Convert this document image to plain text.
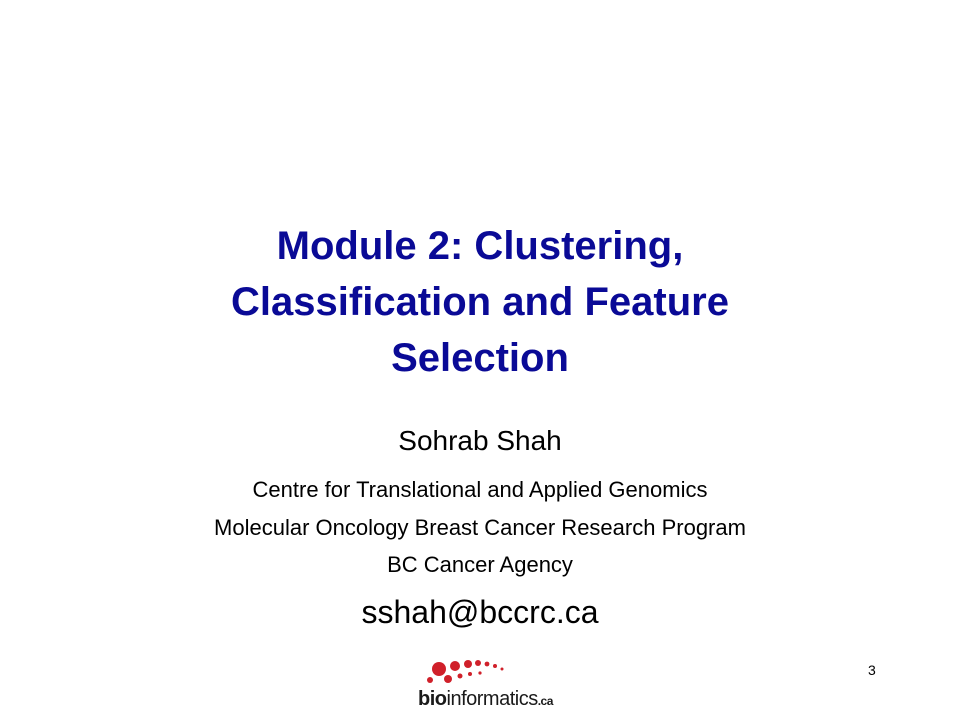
Module 2: Clustering,
Classification and Feature
Selection
Sohrab Shah
Centre for Translational and Applied Genomics
Molecular Oncology Breast Cancer Research Program
BC Cancer Agency
sshah@bccrc.ca
bioinformatics.ca
3
